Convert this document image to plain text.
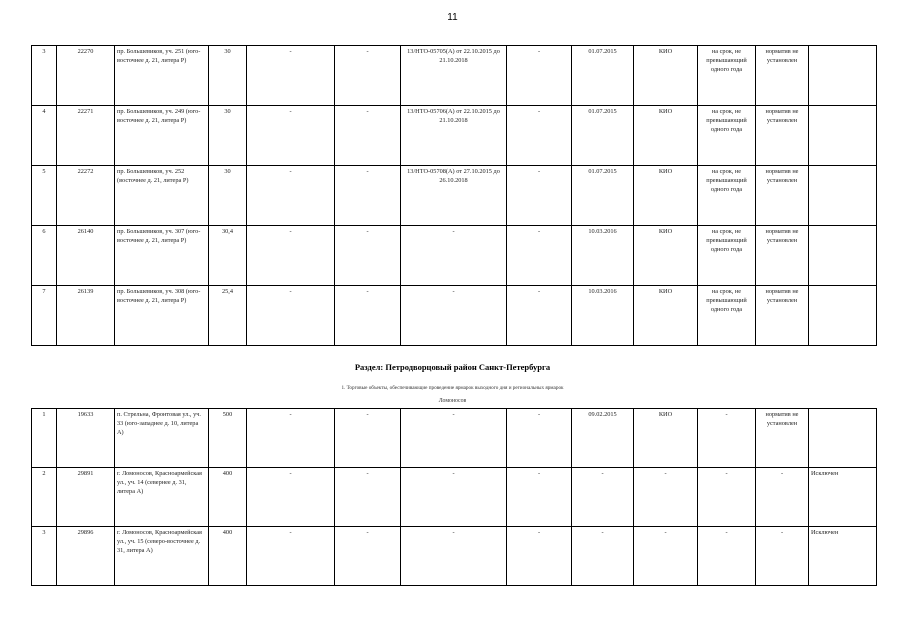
11
3	22270	пр. Большевиков, уч. 251 (юго-восточнее д. 21, литера Р)	30	-	-	13/НТО-05705(А) от 22.10.2015 до 21.10.2018	-	01.07.2015	КИО	на срок, не превышающий одного года	норматив не установлен	
4	22271	пр. Большевиков, уч. 249 (юго-восточнее д. 21, литера Р)	30	-	-	13/НТО-05706(А) от 22.10.2015 до 21.10.2018	-	01.07.2015	КИО	на срок, не превышающий одного года	норматив не установлен	
5	22272	пр. Большевиков, уч. 252 (восточнее д. 21, литера Р)	30	-	-	13/НТО-05708(А) от 27.10.2015 до 26.10.2018	-	01.07.2015	КИО	на срок, не превышающий одного года	норматив не установлен	
6	26140	пр. Большевиков, уч. 307 (юго-восточнее д. 21, литера Р)	30,4	-	-	-	-	10.03.2016	КИО	на срок, не превышающий одного года	норматив не установлен	
7	26139	пр. Большевиков, уч. 308 (юго-восточнее д. 21, литера Р)	25,4	-	-	-	-	10.03.2016	КИО	на срок, не превышающий одного года	норматив не установлен	
Раздел: Петродворцовый район Санкт-Петербурга
1. Торговые объекты, обеспечивающие проведение ярмарок выходного дня и региональных ярмарок
Ломоносов
1	19633	п. Стрельна, Фронтовая ул., уч. 33 (юго-западнее д. 10, литера А)	500	-	-	-	-	09.02.2015	КИО	-	норматив не установлен	
2	29891	г. Ломоносов, Красноармейская ул., уч. 14 (севернее д. 31, литера А)	400	-	-	-	-	-	-	-	-	Исключен
3	29896	г. Ломоносов, Красноармейская ул., уч. 15 (северо-восточнее д. 31, литера А)	400	-	-	-	-	-	-	-	-	Исключен
